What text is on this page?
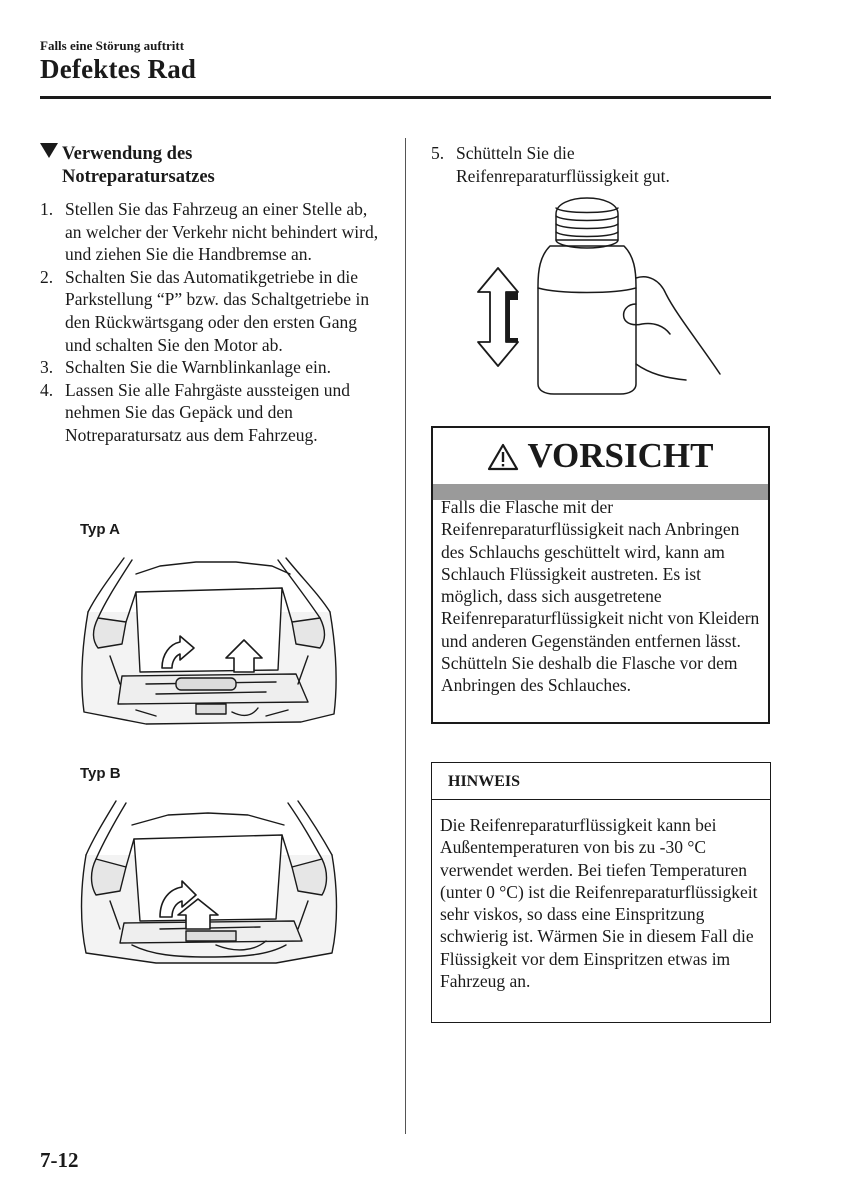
Falls eine Störung auftritt
Defektes Rad
Verwendung des
Notreparatursatzes
1. Stellen Sie das Fahrzeug an einer Stelle ab, an welcher der Verkehr nicht behindert wird, und ziehen Sie die Handbremse an.
2. Schalten Sie das Automatikgetriebe in die Parkstellung “P” bzw. das Schaltgetriebe in den Rückwärtsgang oder den ersten Gang und schalten Sie den Motor ab.
3. Schalten Sie die Warnblinkanlage ein.
4. Lassen Sie alle Fahrgäste aussteigen und nehmen Sie das Gepäck und den Notreparatursatz aus dem Fahrzeug.
Typ A
Typ B
5. Schütteln Sie die Reifenreparaturflüssigkeit gut.
VORSICHT
Falls die Flasche mit der Reifenreparaturflüssigkeit nach Anbringen des Schlauchs geschüttelt wird, kann am Schlauch Flüssigkeit austreten. Es ist möglich, dass sich ausgetretene Reifenreparaturflüssigkeit nicht von Kleidern und anderen Gegenständen entfernen lässt. Schütteln Sie deshalb die Flasche vor dem Anbringen des Schlauches.
HINWEIS
Die Reifenreparaturflüssigkeit kann bei Außentemperaturen von bis zu -30 °C verwendet werden. Bei tiefen Temperaturen (unter 0 °C) ist die Reifenreparaturflüssigkeit sehr viskos, so dass eine Einspritzung schwierig ist. Wärmen Sie in diesem Fall die Flüssigkeit vor dem Einspritzen etwas im Fahrzeug an.
7-12
